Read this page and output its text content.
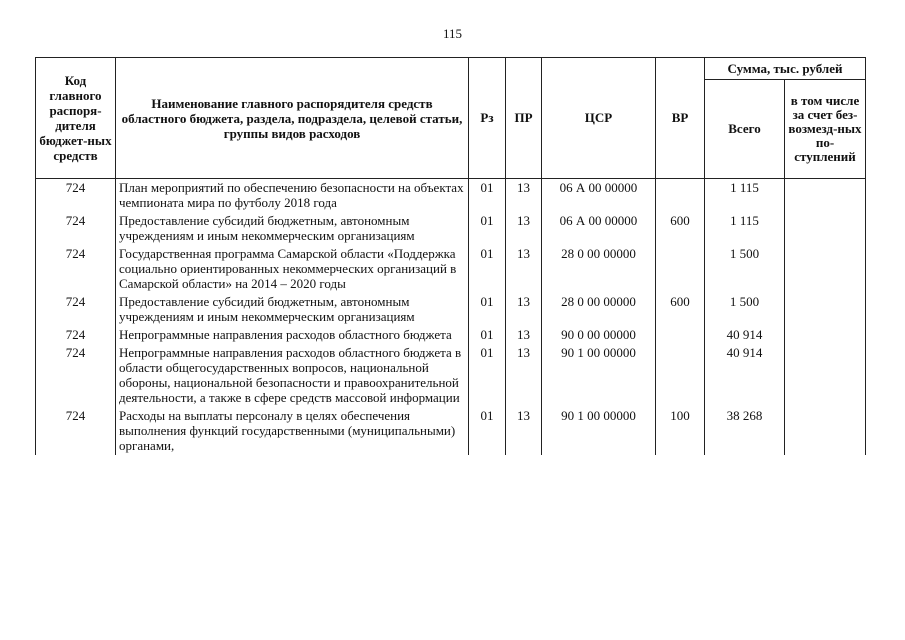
115
Код главного распоря-дителя бюджет-ных средств	Наименование главного распорядителя средств областного бюджета, раздела, подраздела, целевой статьи, группы видов расходов	Рз	ПР	ЦСР	ВР	Сумма, тыс. рублей	
						Всего	в том числе за счет без-возмезд-ных по-ступлений
724	План мероприятий по обеспечению безопасности на объектах чемпионата мира по футболу 2018 года	01	13	06 А 00 00000		1 115	
724	Предоставление субсидий бюджетным, автономным учреждениям и иным некоммерческим организациям	01	13	06 А 00 00000	600	1 115	
724	Государственная программа Самарской области «Поддержка социально ориентированных некоммерческих организаций в Самарской области» на 2014 – 2020 годы	01	13	28 0 00 00000		1 500	
724	Предоставление субсидий бюджетным, автономным учреждениям и иным некоммерческим организациям	01	13	28 0 00 00000	600	1 500	
724	Непрограммные направления расходов областного бюджета	01	13	90 0 00 00000		40 914	
724	Непрограммные направления расходов областного бюджета в области общегосударственных вопросов, национальной обороны, национальной безопасности и правоохранительной деятельности, а также в сфере средств массовой информации	01	13	90 1 00 00000		40 914	
724	Расходы на выплаты персоналу в целях обеспечения выполнения функций государственными (муниципальными) органами,	01	13	90 1 00 00000	100	38 268	
